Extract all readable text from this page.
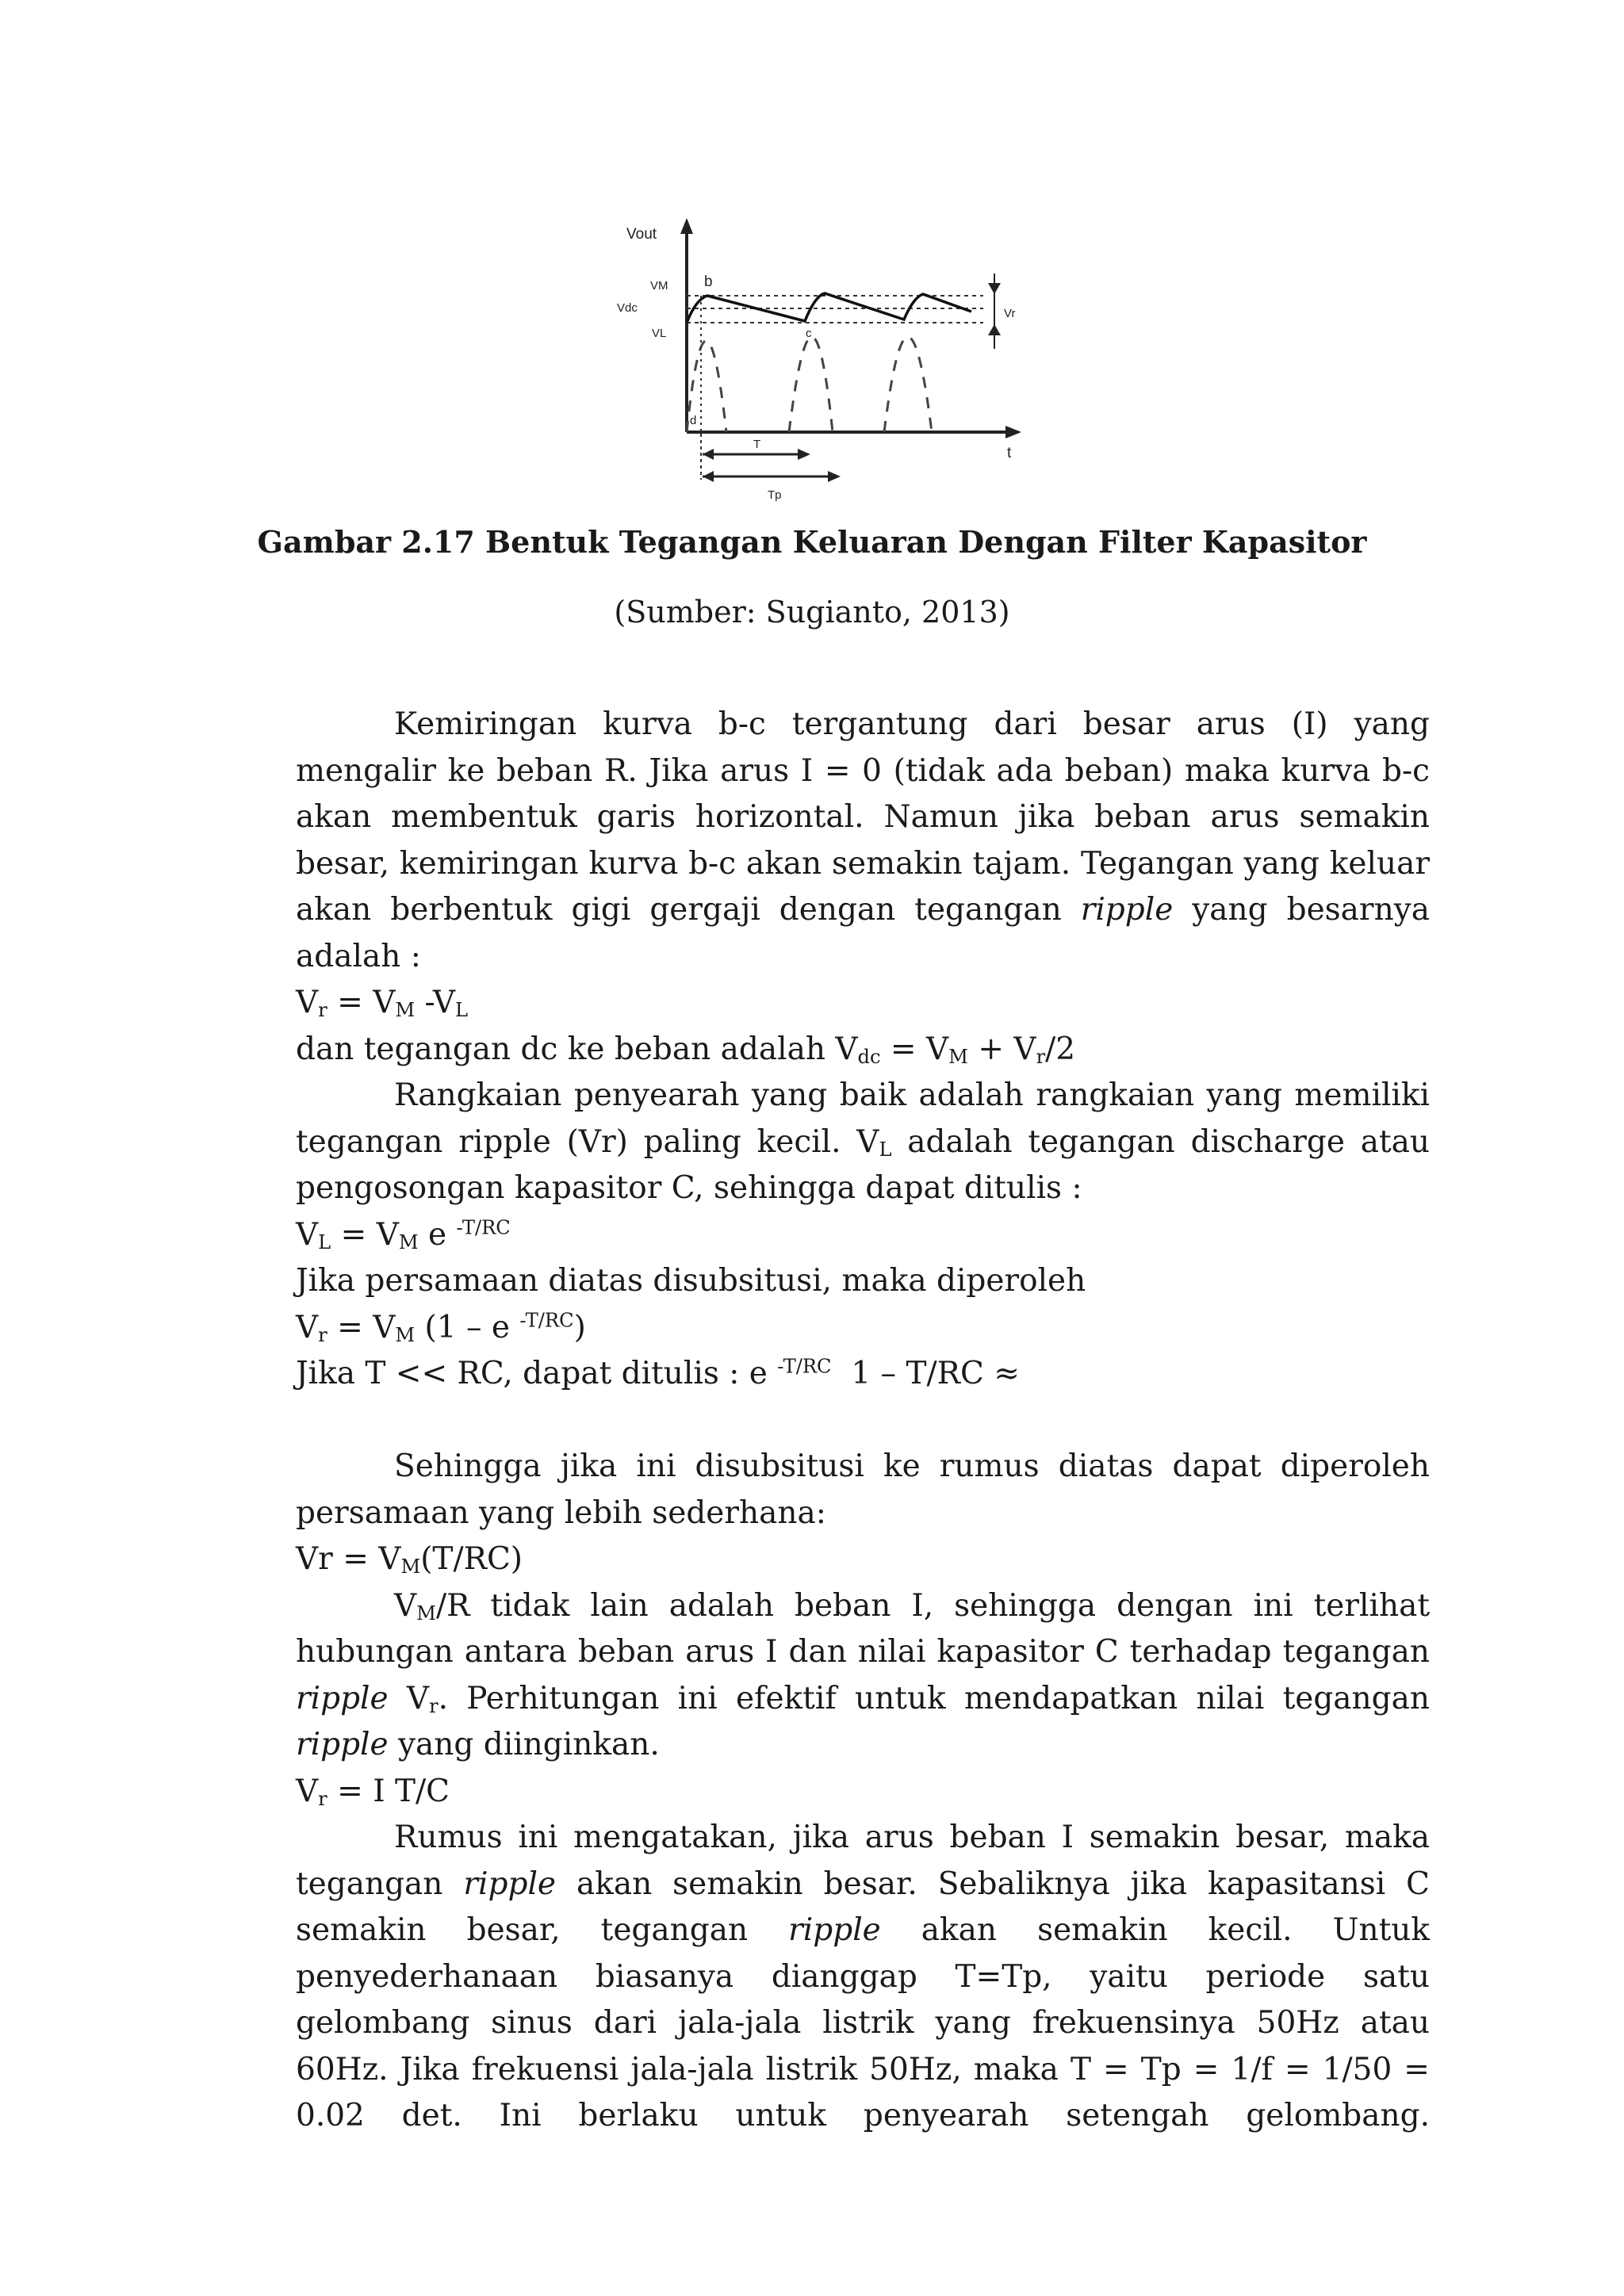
Vout
VM
Vdc
VL
b
c
d
t
Vr
T
Tp
Gambar 2.17 Bentuk Tegangan Keluaran Dengan Filter Kapasitor
(Sumber: Sugianto, 2013)

Kemiringan kurva b-c tergantung dari besar arus (I) yang mengalir ke beban R. Jika arus I = 0 (tidak ada beban) maka kurva b-c akan membentuk garis horizontal. Namun jika beban arus semakin besar, kemiringan kurva b-c akan semakin tajam. Tegangan yang keluar akan berbentuk gigi gergaji dengan tegangan ripple yang besarnya adalah :

$V_r = V_M$ $-V_L$

dan tegangan dc ke beban adalah $V_{dc} = V_M + V_r/2$

Rangkaian penyearah yang baik adalah rangkaian yang memiliki tegangan ripple (Vr) paling kecil. $V_L$ adalah tegangan discharge atau pengosongan kapasitor C, sehingga dapat ditulis :

$V_L = V_M$ e $^{-T/RC}$

Jika persamaan diatas disubsitusi, maka diperoleh

$V_r = V_M$ (1 – e $^{-T/RC}$)

Jika T << RC, dapat ditulis : e $^{-T/RC}$  1 – T/RC ≈

Sehingga jika ini disubsitusi ke rumus diatas dapat diperoleh persamaan yang lebih sederhana:

$Vr = V_M(T/RC)$

$V_M/R$ tidak lain adalah beban I, sehingga dengan ini terlihat hubungan antara beban arus I dan nilai kapasitor C terhadap tegangan ripple $V_r$. Perhitungan ini efektif untuk mendapatkan nilai tegangan ripple yang diinginkan.

$V_r = I$ T/C

Rumus ini mengatakan, jika arus beban I semakin besar, maka tegangan ripple akan semakin besar. Sebaliknya jika kapasitansi C semakin besar, tegangan ripple akan semakin kecil. Untuk penyederhanaan biasanya dianggap T=Tp, yaitu periode satu gelombang sinus dari jala-jala listrik yang frekuensinya 50Hz atau 60Hz. Jika frekuensi jala-jala listrik 50Hz, maka T = Tp = 1/f = 1/50 = 0.02 det. Ini berlaku untuk penyearah setengah gelombang.
